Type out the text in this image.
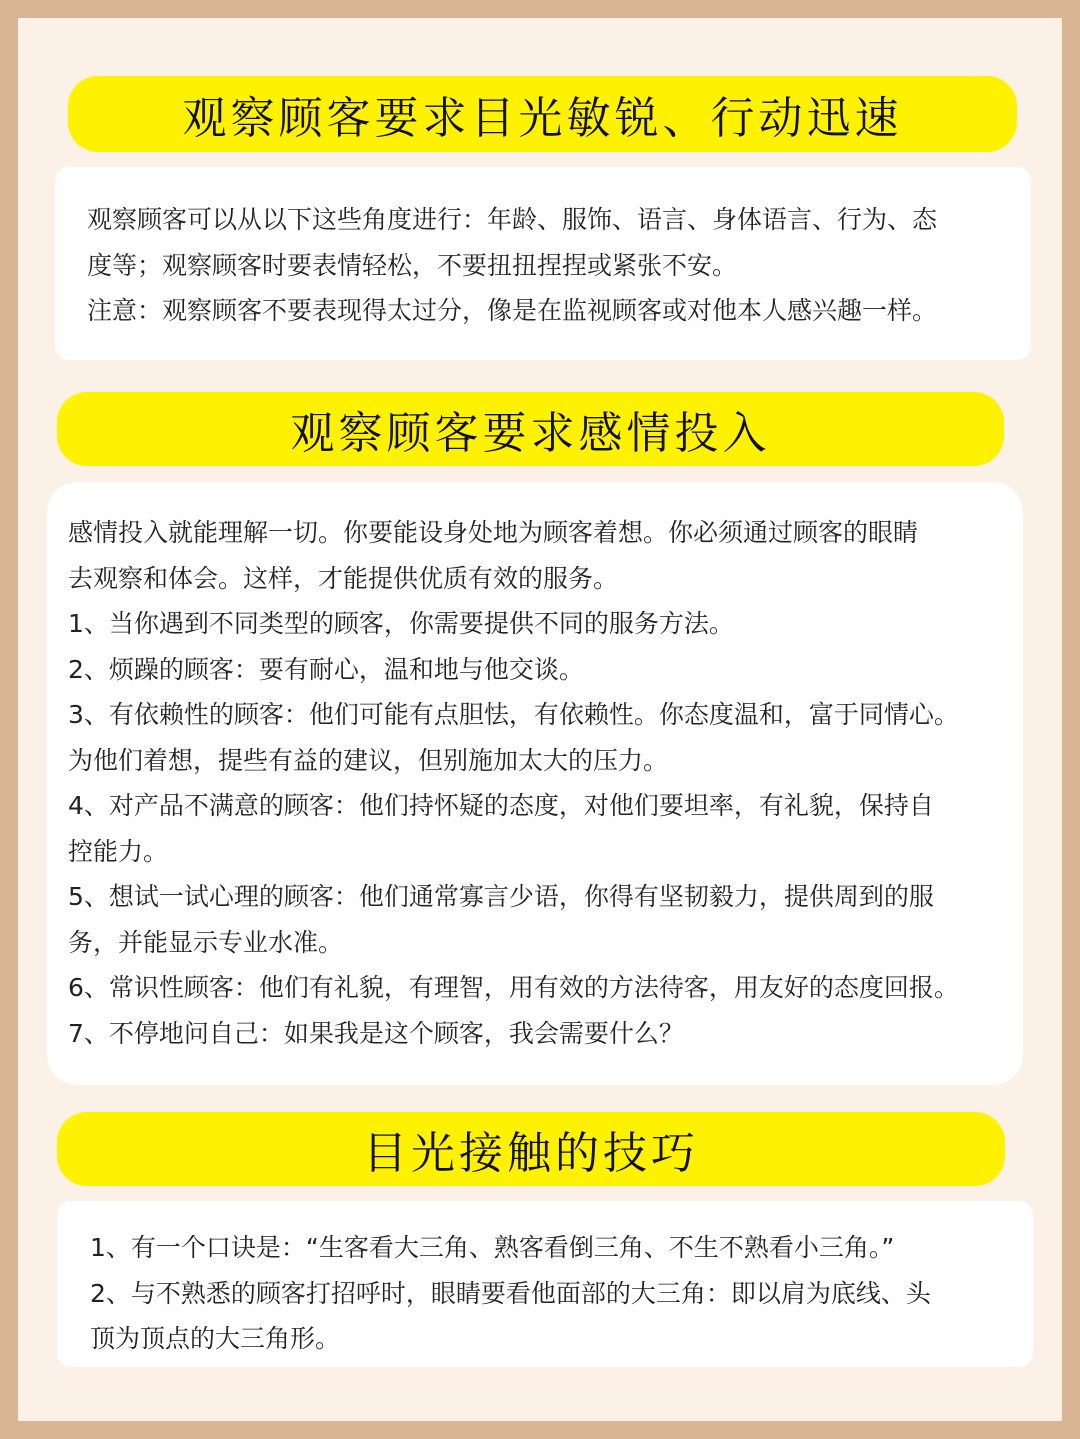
观察顾客要求目光敏锐、行动迅速

观察顾客可以从以下这些角度进行：年龄、服饰、语言、身体语言、行为、态

度等；观察顾客时要表情轻松，不要扭扭捏捏或紧张不安。

注意：观察顾客不要表现得太过分，像是在监视顾客或对他本人感兴趣一样。

观察顾客要求感情投入

感情投入就能理解一切。你要能设身处地为顾客着想。你必须通过顾客的眼睛

去观察和体会。这样，才能提供优质有效的服务。

1、当你遇到不同类型的顾客，你需要提供不同的服务方法。

2、烦躁的顾客：要有耐心，温和地与他交谈。

3、有依赖性的顾客：他们可能有点胆怯，有依赖性。你态度温和，富于同情心。

为他们着想，提些有益的建议，但别施加太大的压力。

4、对产品不满意的顾客：他们持怀疑的态度，对他们要坦率，有礼貌，保持自

控能力。

5、想试一试心理的顾客：他们通常寡言少语，你得有坚韧毅力，提供周到的服

务，并能显示专业水准。

6、常识性顾客：他们有礼貌，有理智，用有效的方法待客，用友好的态度回报。

7、不停地问自己：如果我是这个顾客，我会需要什么？

目光接触的技巧

1、有一个口诀是：“生客看大三角、熟客看倒三角、不生不熟看小三角。”

2、与不熟悉的顾客打招呼时，眼睛要看他面部的大三角：即以肩为底线、头

顶为顶点的大三角形。
